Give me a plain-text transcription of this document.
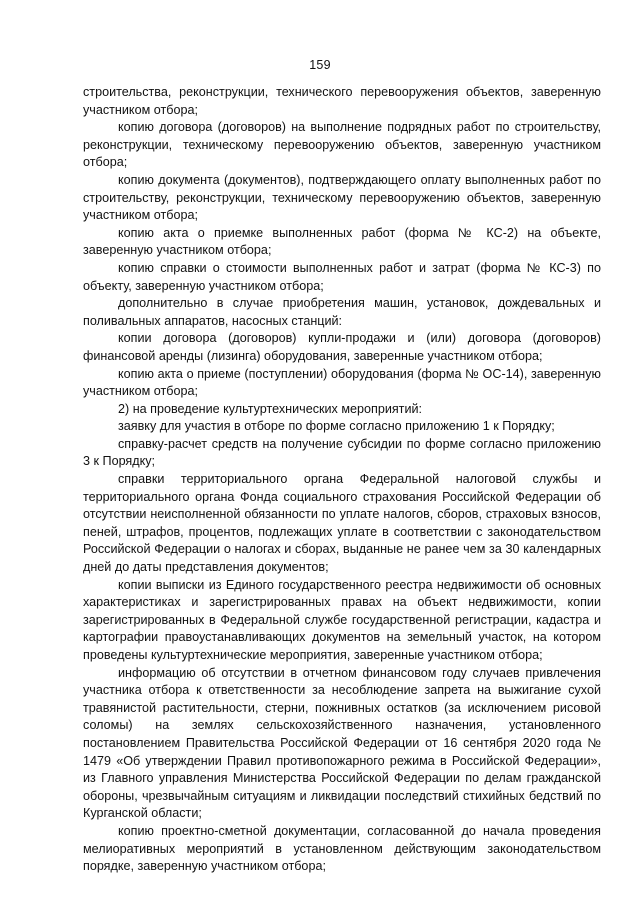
159

строительства, реконструкции, технического перевооружения объектов, заверенную участником отбора;

копию договора (договоров) на выполнение подрядных работ по строительству, реконструкции, техническому перевооружению объектов, заверенную участником отбора;

копию документа (документов), подтверждающего оплату выполненных работ по строительству, реконструкции, техническому перевооружению объектов, заверенную участником отбора;

копию акта о приемке выполненных работ (форма № КС-2) на объекте, заверенную участником отбора;

копию справки о стоимости выполненных работ и затрат (форма № КС-3) по объекту, заверенную участником отбора;

дополнительно в случае приобретения машин, установок, дождевальных и поливальных аппаратов, насосных станций:

копии договора (договоров) купли-продажи и (или) договора (договоров) финансовой аренды (лизинга) оборудования, заверенные участником отбора;

копию акта о приеме (поступлении) оборудования (форма № ОС-14), заверенную участником отбора;

2) на проведение культуртехнических мероприятий:

заявку для участия в отборе по форме согласно приложению 1 к Порядку;

справку-расчет средств на получение субсидии по форме согласно приложению 3 к Порядку;

справки территориального органа Федеральной налоговой службы и территориального органа Фонда социального страхования Российской Федерации об отсутствии неисполненной обязанности по уплате налогов, сборов, страховых взносов, пеней, штрафов, процентов, подлежащих уплате в соответствии с законодательством Российской Федерации о налогах и сборах, выданные не ранее чем за 30 календарных дней до даты представления документов;

копии выписки из Единого государственного реестра недвижимости об основных характеристиках и зарегистрированных правах на объект недвижимости, копии зарегистрированных в Федеральной службе государственной регистрации, кадастра и картографии правоустанавливающих документов на земельный участок, на котором проведены культуртехнические мероприятия, заверенные участником отбора;

информацию об отсутствии в отчетном финансовом году случаев привлечения участника отбора к ответственности за несоблюдение запрета на выжигание сухой травянистой растительности, стерни, пожнивных остатков (за исключением рисовой соломы) на землях сельскохозяйственного назначения, установленного постановлением Правительства Российской Федерации от 16 сентября 2020 года № 1479 «Об утверждении Правил противопожарного режима в Российской Федерации», из Главного управления Министерства Российской Федерации по делам гражданской обороны, чрезвычайным ситуациям и ликвидации последствий стихийных бедствий по Курганской области;

копию проектно-сметной документации, согласованной до начала проведения мелиоративных мероприятий в установленном действующим законодательством порядке, заверенную участником отбора;
